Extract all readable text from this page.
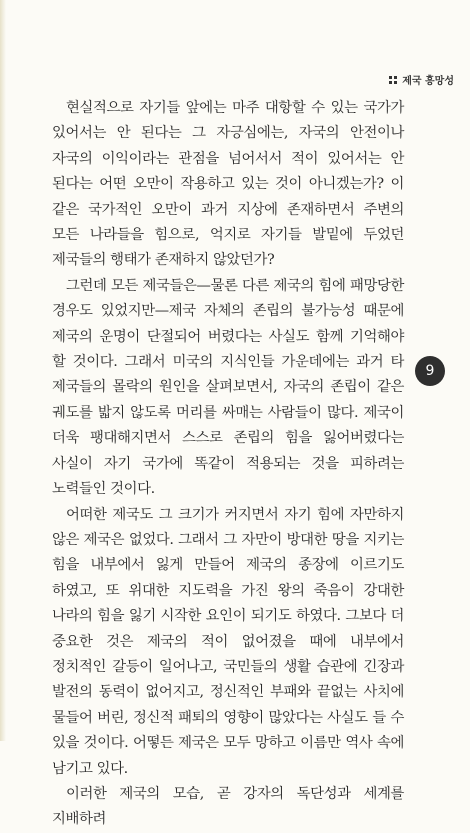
제국 흥망성

현실적으로 자기들 앞에는 마주 대항할 수 있는 국가가 있어서는 안 된다는 그 자긍심에는, 자국의 안전이나 자국의 이익이라는 관점을 넘어서서 적이 있어서는 안 된다는 어떤 오만이 작용하고 있는 것이 아니겠는가? 이 같은 국가적인 오만이 과거 지상에 존재하면서 주변의 모든 나라들을 힘으로, 억지로 자기들 발밑에 두었던 제국들의 행태가 존재하지 않았던가?

그런데 모든 제국들은—물론 다른 제국의 힘에 패망당한 경우도 있었지만—제국 자체의 존립의 불가능성 때문에 제국의 운명이 단절되어 버렸다는 사실도 함께 기억해야 할 것이다. 그래서 미국의 지식인들 가운데에는 과거 타 제국들의 몰락의 원인을 살펴보면서, 자국의 존립이 같은 궤도를 밟지 않도록 머리를 싸매는 사람들이 많다. 제국이 더욱 팽대해지면서 스스로 존립의 힘을 잃어버렸다는 사실이 자기 국가에 똑같이 적용되는 것을 피하려는 노력들인 것이다.

어떠한 제국도 그 크기가 커지면서 자기 힘에 자만하지 않은 제국은 없었다. 그래서 그 자만이 방대한 땅을 지키는 힘을 내부에서 잃게 만들어 제국의 종장에 이르기도 하였고, 또 위대한 지도력을 가진 왕의 죽음이 강대한 나라의 힘을 잃기 시작한 요인이 되기도 하였다. 그보다 더 중요한 것은 제국의 적이 없어졌을 때에 내부에서 정치적인 갈등이 일어나고, 국민들의 생활 습관에 긴장과 발전의 동력이 없어지고, 정신적인 부패와 끝없는 사치에 물들어 버린, 정신적 패퇴의 영향이 많았다는 사실도 들 수 있을 것이다. 어떻든 제국은 모두 망하고 이름만 역사 속에 남기고 있다.

이러한 제국의 모습, 곧 강자의 독단성과 세계를 지배하려

9
